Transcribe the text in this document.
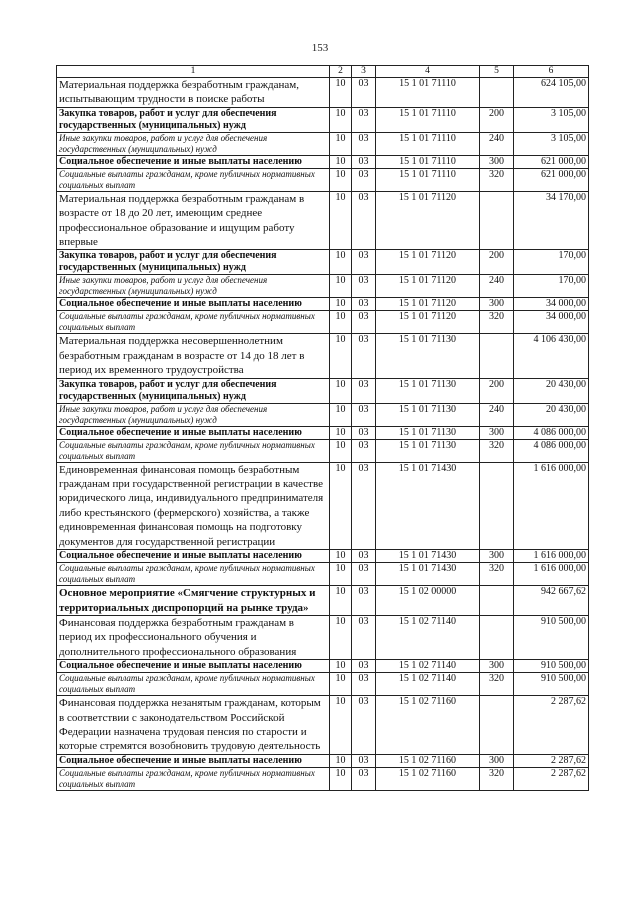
153
1	2	3	4	5	6
Материальная поддержка безработным гражданам, испытывающим трудности в поиске работы	10	03	15 1 01 71110		624 105,00
Закупка товаров, работ и услуг для обеспечения государственных (муниципальных) нужд	10	03	15 1 01 71110	200	3 105,00
Иные закупки товаров, работ и услуг для обеспечения государственных (муниципальных) нужд	10	03	15 1 01 71110	240	3 105,00
Социальное обеспечение и иные выплаты населению	10	03	15 1 01 71110	300	621 000,00
Социальные выплаты гражданам, кроме публичных нормативных социальных выплат	10	03	15 1 01 71110	320	621 000,00
Материальная поддержка безработным гражданам в возрасте от 18 до 20 лет, имеющим среднее профессиональное образование и ищущим работу впервые	10	03	15 1 01 71120		34 170,00
Закупка товаров, работ и услуг для обеспечения государственных (муниципальных) нужд	10	03	15 1 01 71120	200	170,00
Иные закупки товаров, работ и услуг для обеспечения государственных (муниципальных) нужд	10	03	15 1 01 71120	240	170,00
Социальное обеспечение и иные выплаты населению	10	03	15 1 01 71120	300	34 000,00
Социальные выплаты гражданам, кроме публичных нормативных социальных выплат	10	03	15 1 01 71120	320	34 000,00
Материальная поддержка несовершеннолетним безработным гражданам в возрасте от 14 до 18 лет в период их временного трудоустройства	10	03	15 1 01 71130		4 106 430,00
Закупка товаров, работ и услуг для обеспечения государственных (муниципальных) нужд	10	03	15 1 01 71130	200	20 430,00
Иные закупки товаров, работ и услуг для обеспечения государственных (муниципальных) нужд	10	03	15 1 01 71130	240	20 430,00
Социальное обеспечение и иные выплаты населению	10	03	15 1 01 71130	300	4 086 000,00
Социальные выплаты гражданам, кроме публичных нормативных социальных выплат	10	03	15 1 01 71130	320	4 086 000,00
Единовременная финансовая помощь безработным гражданам при государственной регистрации в качестве юридического лица, индивидуального предпринимателя либо крестьянского (фермерского) хозяйства, а также единовременная финансовая помощь на подготовку документов для государственной регистрации	10	03	15 1 01 71430		1 616 000,00
Социальное обеспечение и иные выплаты населению	10	03	15 1 01 71430	300	1 616 000,00
Социальные выплаты гражданам, кроме публичных нормативных социальных выплат	10	03	15 1 01 71430	320	1 616 000,00
Основное мероприятие «Смягчение структурных и территориальных диспропорций на рынке труда»	10	03	15 1 02 00000		942 667,62
Финансовая поддержка безработным гражданам в период их профессионального обучения и дополнительного профессионального образования	10	03	15 1 02 71140		910 500,00
Социальное обеспечение и иные выплаты населению	10	03	15 1 02 71140	300	910 500,00
Социальные выплаты гражданам, кроме публичных нормативных социальных выплат	10	03	15 1 02 71140	320	910 500,00
Финансовая поддержка незанятым гражданам, которым в соответствии с законодательством Российской Федерации назначена трудовая пенсия по старости и которые стремятся возобновить трудовую деятельность	10	03	15 1 02 71160		2 287,62
Социальное обеспечение и иные выплаты населению	10	03	15 1 02 71160	300	2 287,62
Социальные выплаты гражданам, кроме публичных нормативных социальных выплат	10	03	15 1 02 71160	320	2 287,62
